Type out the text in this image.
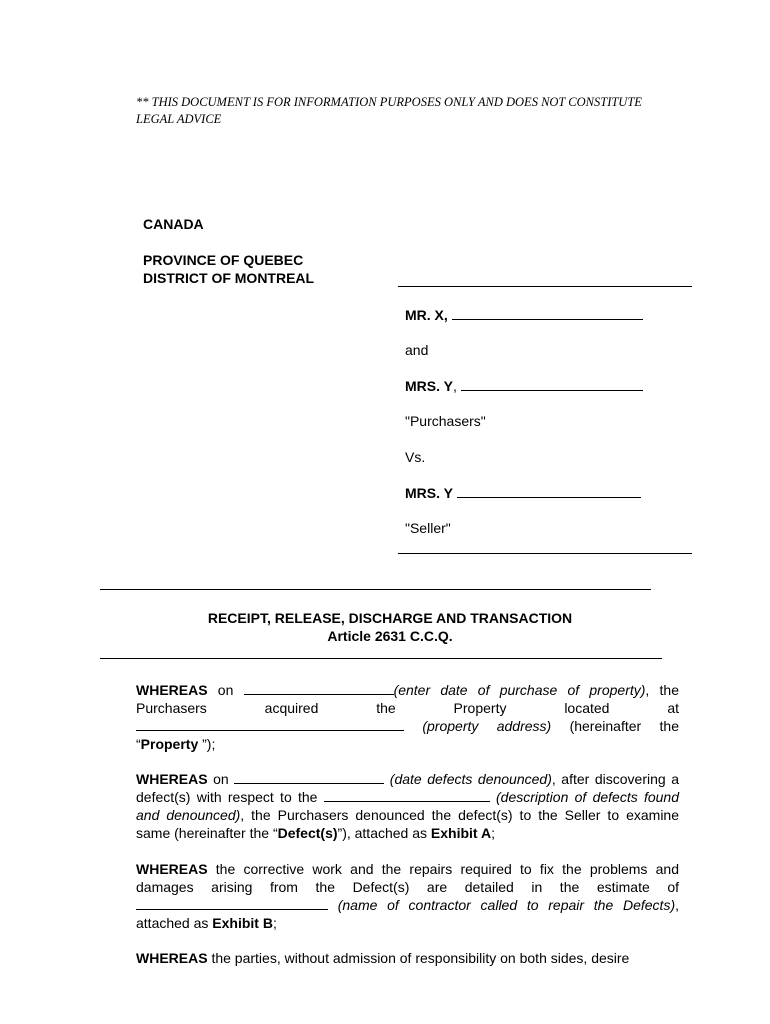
** THIS DOCUMENT IS FOR INFORMATION PURPOSES ONLY AND DOES NOT CONSTITUTE LEGAL ADVICE
CANADA
PROVINCE OF QUEBEC
DISTRICT OF MONTREAL
MR. X,
and
MRS. Y,
"Purchasers"
Vs.
MRS. Y
"Seller"
RECEIPT, RELEASE, DISCHARGE AND TRANSACTION
Article 2631 C.C.Q.
WHEREAS on	(enter date of purchase of property), the Purchasers acquired the Property located at  (property address) (hereinafter the “Property ”);
WHEREAS on	(date defects denounced), after discovering a defect(s) with respect to the	(description of defects found and denounced), the Purchasers denounced the defect(s) to the Seller to examine same (hereinafter the “Defect(s)”), attached as Exhibit A;
WHEREAS the corrective work and the repairs required to fix the problems and damages arising from the Defect(s) are detailed in the estimate of  (name of contractor called to repair the Defects), attached as Exhibit B;
WHEREAS the parties, without admission of responsibility on both sides, desire
